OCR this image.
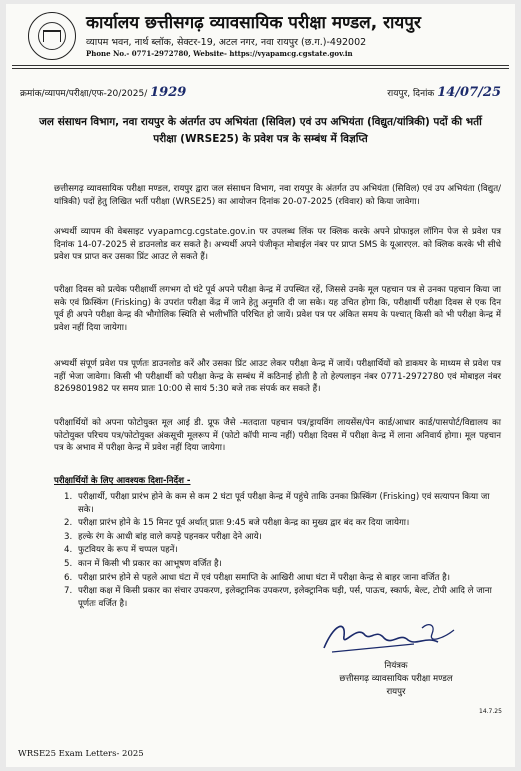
कार्यालय छत्तीसगढ़ व्यावसायिक परीक्षा मण्डल, रायपुर
व्यापम भवन, नार्थ ब्लॉक, सेक्टर-19, अटल नगर, नवा रायपुर (छ.ग.)-492002
Phone No.- 0771-2972780, Website- https://vyapamcg.cgstate.gov.in
क्रमांक/व्यापम/परीक्षा/एफ-20/2025/ 1929	रायपुर, दिनांक 14/07/25
जल संसाधन विभाग, नवा रायपुर के अंतर्गत उप अभियंता (सिविल) एवं उप अभियंता (विद्युत/यांत्रिकी) पदों की भर्ती परीक्षा (WRSE25) के प्रवेश पत्र के सम्बंध में विज्ञप्ति
छत्तीसगढ़ व्यावसायिक परीक्षा मण्डल, रायपुर द्वारा जल संसाधन विभाग, नवा रायपुर के अंतर्गत उप अभियंता (सिविल) एवं उप अभियंता (विद्युत/यांत्रिकी) पदों हेतु लिखित भर्ती परीक्षा (WRSE25) का आयोजन दिनांक 20-07-2025 (रविवार) को किया जावेगा।
अभ्यर्थी व्यापम की वेबसाइट vyapamcg.cgstate.gov.in पर उपलब्ध लिंक पर क्लिक करके अपने प्रोफाइल लॉगिन पेज से प्रवेश पत्र दिनांक 14-07-2025 से डाउनलोड कर सकते है। अभ्यर्थी अपने पंजीकृत मोबाईल नंबर पर प्राप्त SMS के यूआरएल. को क्लिक करके भी सीधे प्रवेश पत्र प्राप्त कर उसका प्रिंट आउट ले सकते हैं।
परीक्षा दिवस को प्रत्येक परीक्षार्थी लगभग दो घंटे पूर्व अपने परीक्षा केन्द्र में उपस्थित रहें, जिससे उनके मूल पहचान पत्र से उनका पहचान किया जा सके एवं फ्रिस्किंग (Frisking) के उपरांत परीक्षा केंद्र में जाने हेतु अनुमति दी जा सके। यह उचित होगा कि, परीक्षार्थी परीक्षा दिवस से एक दिन पूर्व ही अपने परीक्षा केन्द्र की भौगोलिक स्थिति से भलीभाँति परिचित हो जायें। प्रवेश पत्र पर अंकित समय के पश्चात् किसी को भी परीक्षा केन्द्र में प्रवेश नहीं दिया जायेगा।
अभ्यर्थी संपूर्ण प्रवेश पत्र पूर्णतः डाउनलोड करें और उसका प्रिंट आउट लेकर परीक्षा केन्द्र में जायें। परीक्षार्थियों को डाकघर के माध्यम से प्रवेश पत्र नहीं भेजा जावेगा। किसी भी परीक्षार्थी को परीक्षा केन्द्र के सम्बंध में कठिनाई होती है तो हेल्पलाइन नंबर 0771-2972780 एवं मोबाइल नंबर 8269801982 पर समय प्रातः 10:00 से सायं 5:30 बजे तक संपर्क कर सकते हैं।
परीक्षार्थियों को अपना फोटोयुक्त मूल आई डी. प्रूफ जैसे -मतदाता पहचान पत्र/ड्रायविंग लायसेंस/पेन कार्ड/आधार कार्ड/पासपोर्ट/विद्यालय का फोटोयुक्त परिचय पत्र/फोटोयुक्त अंकसूची मूलरूप में (फोटो कॉपी मान्य नहीं) परीक्षा दिवस में परीक्षा केन्द्र में लाना अनिवार्य होगा। मूल पहचान पत्र के अभाव में परीक्षा केन्द्र में प्रवेश नहीं दिया जायेगा।
परीक्षार्थियों के लिए आवश्यक दिशा-निर्देश -
1. परीक्षार्थी, परीक्षा प्रारंभ होने के कम से कम 2 घंटा पूर्व परीक्षा केन्द्र में पहुंचे ताकि उनका फ्रिस्किंग (Frisking) एवं सत्यापन किया जा सके।
2. परीक्षा प्रारंभ होने के 15 मिनट पूर्व अर्थात् प्रातः 9:45 बजे परीक्षा केन्द्र का मुख्य द्वार बंद कर दिया जायेगा।
3. हल्के रंग के आधी बांह वाले कपड़े पहनकर परीक्षा देने आये।
4. फुटवियर के रूप में चप्पल पहनें।
5. कान में किसी भी प्रकार का आभूषण वर्जित है।
6. परीक्षा प्रारंभ होने से पहले आधा घंटा में एवं परीक्षा समाप्ति के आखिरी आधा घंटा में परीक्षा केन्द्र से बाहर जाना वर्जित है।
7. परीक्षा कक्ष में किसी प्रकार का संचार उपकरण, इलेक्ट्रानिक उपकरण, इलेक्ट्रानिक घड़ी, पर्स, पाऊच, स्कार्फ, बेल्ट, टोपी आदि ले जाना पूर्णतः वर्जित है।
नियंत्रक
छत्तीसगढ़ व्यावसायिक परीक्षा मण्डल
रायपुर
14.7.25
WRSE25 Exam Letters- 2025
